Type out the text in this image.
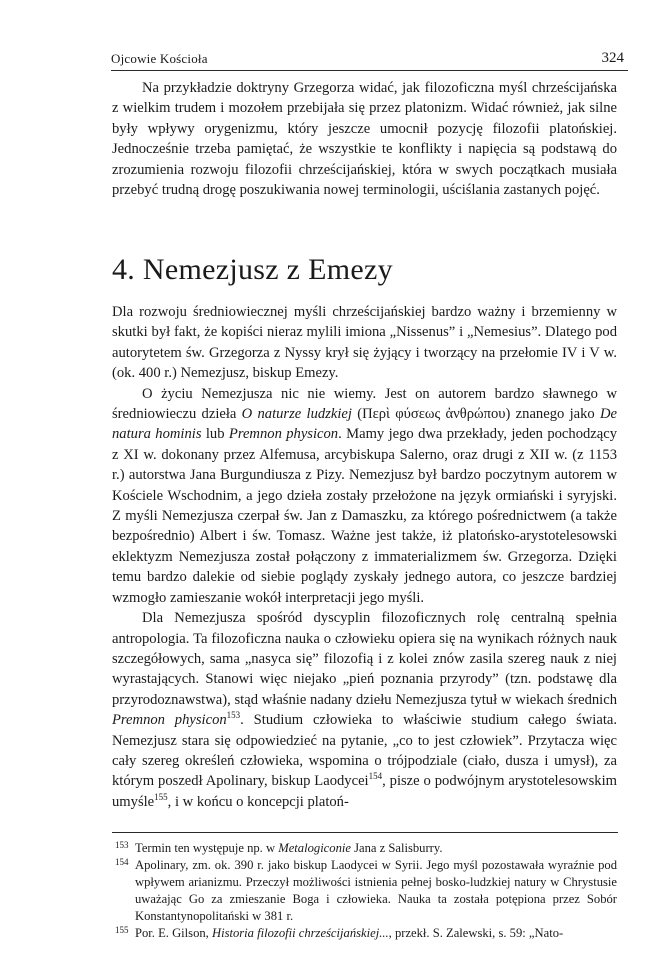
Ojcowie Kościoła	324

Na przykładzie doktryny Grzegorza widać, jak filozoficzna myśl chrześcijańska z wielkim trudem i mozołem przebijała się przez platonizm. Widać również, jak silne były wpływy orygenizmu, który jeszcze umocnił pozycję filozofii platońskiej. Jednocześnie trzeba pamiętać, że wszystkie te konflikty i napięcia są podstawą do zrozumienia rozwoju filozofii chrześcijańskiej, która w swych początkach musiała przebyć trudną drogę poszukiwania nowej terminologii, uściślania zastanych pojęć.

4. Nemezjusz z Emezy

Dla rozwoju średniowiecznej myśli chrześcijańskiej bardzo ważny i brzemienny w skutki był fakt, że kopiści nieraz mylili imiona „Nissenus” i „Nemesius”. Dlatego pod autorytetem św. Grzegorza z Nyssy krył się żyjący i tworzący na przełomie IV i V w. (ok. 400 r.) Nemezjusz, biskup Emezy.

O życiu Nemezjusza nic nie wiemy. Jest on autorem bardzo sławnego w średniowieczu dzieła O naturze ludzkiej (Περὶ φύσεως ἀνθρώπου) znanego jako De natura hominis lub Premnon physicon. Mamy jego dwa przekłady, jeden pochodzący z XI w. dokonany przez Alfemusa, arcybiskupa Salerno, oraz drugi z XII w. (z 1153 r.) autorstwa Jana Burgundiusza z Pizy. Nemezjusz był bardzo poczytnym autorem w Kościele Wschodnim, a jego dzieła zostały przełożone na język ormiański i syryjski. Z myśli Nemezjusza czerpał św. Jan z Damaszku, za którego pośrednictwem (a także bezpośrednio) Albert i św. Tomasz. Ważne jest także, iż platońsko-arystotelesowski eklektyzm Nemezjusza został połączony z immaterializmem św. Grzegorza. Dzięki temu bardzo dalekie od siebie poglądy zyskały jednego autora, co jeszcze bardziej wzmogło zamieszanie wokół interpretacji jego myśli.

Dla Nemezjusza spośród dyscyplin filozoficznych rolę centralną spełnia antropologia. Ta filozoficzna nauka o człowieku opiera się na wynikach różnych nauk szczegółowych, sama „nasyca się” filozofią i z kolei znów zasila szereg nauk z niej wyrastających. Stanowi więc niejako „pień poznania przyrody” (tzn. podstawę dla przyrodoznawstwa), stąd właśnie nadany dziełu Nemezjusza tytuł w wiekach średnich Premnon physicon$^{153}$. Studium człowieka to właściwie studium całego świata. Nemezjusz stara się odpowiedzieć na pytanie, „co to jest człowiek”. Przytacza więc cały szereg określeń człowieka, wspomina o trójpodziale (ciało, dusza i umysł), za którym poszedł Apolinary, biskup Laodycei$^{154}$, pisze o podwójnym arystotelesowskim umyśle$^{155}$, i w końcu o koncepcji platoń-

153 Termin ten występuje np. w Metalogiconie Jana z Salisburry.
154 Apolinary, zm. ok. 390 r. jako biskup Laodycei w Syrii. Jego myśl pozostawała wyraźnie pod wpływem arianizmu. Przeczył możliwości istnienia pełnej bosko-ludzkiej natury w Chrystusie uważając Go za zmieszanie Boga i człowieka. Nauka ta została potępiona przez Sobór Konstantynopolitański w 381 r.
155 Por. E. Gilson, Historia filozofii chrześcijańskiej..., przekł. S. Zalewski, s. 59: „Nato-
